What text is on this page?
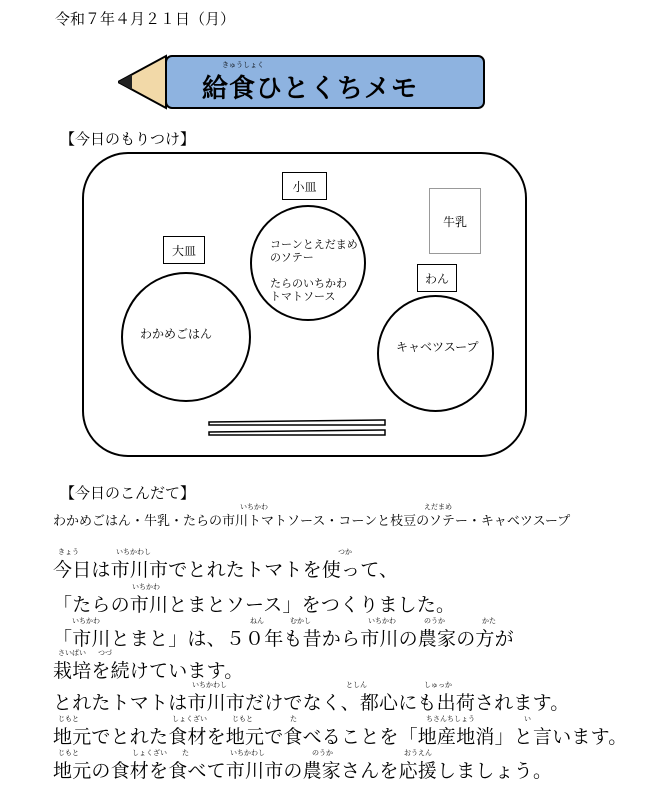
令和７年４月２１日（月）
きゅうしょく
給食ひとくちメモ
【今日のもりつけ】
大皿
わかめごはん
小皿
コーンとえだまめ
のソテー

たらのいちかわ
トマトソース
牛乳
わん
キャベツスープ
【今日のこんだて】
いちかわ	えだまめ
わかめごはん・牛乳・たらの市川トマトソース・コーンと枝豆のソテー・キャベツスープ
きょう	いちかわし	つか
いちかわ
いちかわ	ねん	むかし	いちかわ	のうか	かた
さいばい つづ
いちかわし	としん	しゅっか
じもと	しょくざい	じもと	た	ちさんちしょう	い
じもと	しょくざい た	いちかわし	のうか	おうえん
今日は市川市でとれたトマトを使って、
「たらの市川とまとソース」をつくりました。
「市川とまと」は、５０年も昔から市川の農家の方が
栽培を続けています。
とれたトマトは市川市だけでなく、都心にも出荷されます。
地元でとれた食材を地元で食べることを「地産地消」と言います。
地元の食材を食べて市川市の農家さんを応援しましょう。
